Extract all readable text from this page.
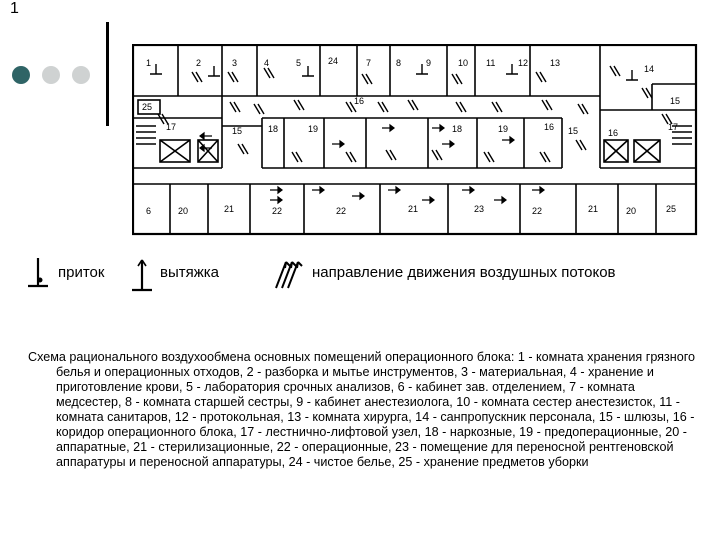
1
1	2	3	4	5	24	7	8	9	10 11	13
12
14
15
25
16
16
17	15	18	19	18	19	15	16
17
6	20	21	22	22	21	23	22	21	20	25
приток	вытяжка	направление движения воздушных потоков

Схема рационального воздухообмена основных помещений операционного блока: 1 - комната хранения грязного белья и операционных отходов, 2 - разборка и мытье инструментов, 3 - материальная, 4 - хранение и приготовление крови, 5 - лаборатория срочных анализов, 6 - кабинет зав. отделением, 7 - комната медсестер, 8 - комната старшей сестры, 9 - кабинет анестезиолога, 10 - комната сестер анестезисток, 11 - комната санитаров, 12 - протокольная, 13 - комната хирурга, 14 - санпропускник персонала, 15 - шлюзы, 16 - коридор операционного блока, 17 - лестнично-лифтовой узел, 18 - наркозные, 19 - предоперационные, 20 - аппаратные, 21 - стерилизационные, 22 - операционные, 23 - помещение для переносной рентгеновской аппаратуры и переносной аппаратуры, 24 - чистое белье, 25 - хранение предметов уборки
